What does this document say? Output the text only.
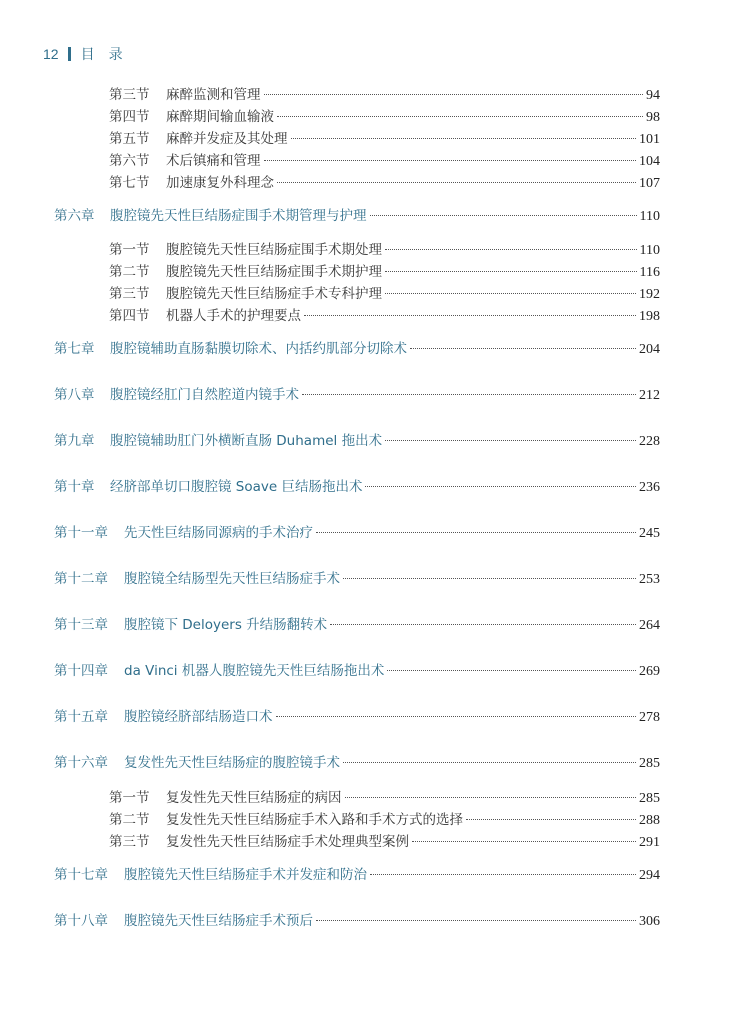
12 目录
第三节 麻醉监测和管理	94
第四节 麻醉期间输血输液	98
第五节 麻醉并发症及其处理	101
第六节 术后镇痛和管理	104
第七节 加速康复外科理念	107
第六章 腹腔镜先天性巨结肠症围手术期管理与护理	110
第一节 腹腔镜先天性巨结肠症围手术期处理	110
第二节 腹腔镜先天性巨结肠症围手术期护理	116
第三节 腹腔镜先天性巨结肠症手术专科护理	192
第四节 机器人手术的护理要点	198
第七章 腹腔镜辅助直肠黏膜切除术、内括约肌部分切除术	204
第八章 腹腔镜经肛门自然腔道内镜手术	212
第九章 腹腔镜辅助肛门外横断直肠 Duhamel 拖出术	228
第十章 经脐部单切口腹腔镜 Soave 巨结肠拖出术	236
第十一章 先天性巨结肠同源病的手术治疗	245
第十二章 腹腔镜全结肠型先天性巨结肠症手术	253
第十三章 腹腔镜下 Deloyers 升结肠翻转术	264
第十四章 da Vinci 机器人腹腔镜先天性巨结肠拖出术	269
第十五章 腹腔镜经脐部结肠造口术	278
第十六章 复发性先天性巨结肠症的腹腔镜手术	285
第一节 复发性先天性巨结肠症的病因	285
第二节 复发性先天性巨结肠症手术入路和手术方式的选择	288
第三节 复发性先天性巨结肠症手术处理典型案例	291
第十七章 腹腔镜先天性巨结肠症手术并发症和防治	294
第十八章 腹腔镜先天性巨结肠症手术预后	306
